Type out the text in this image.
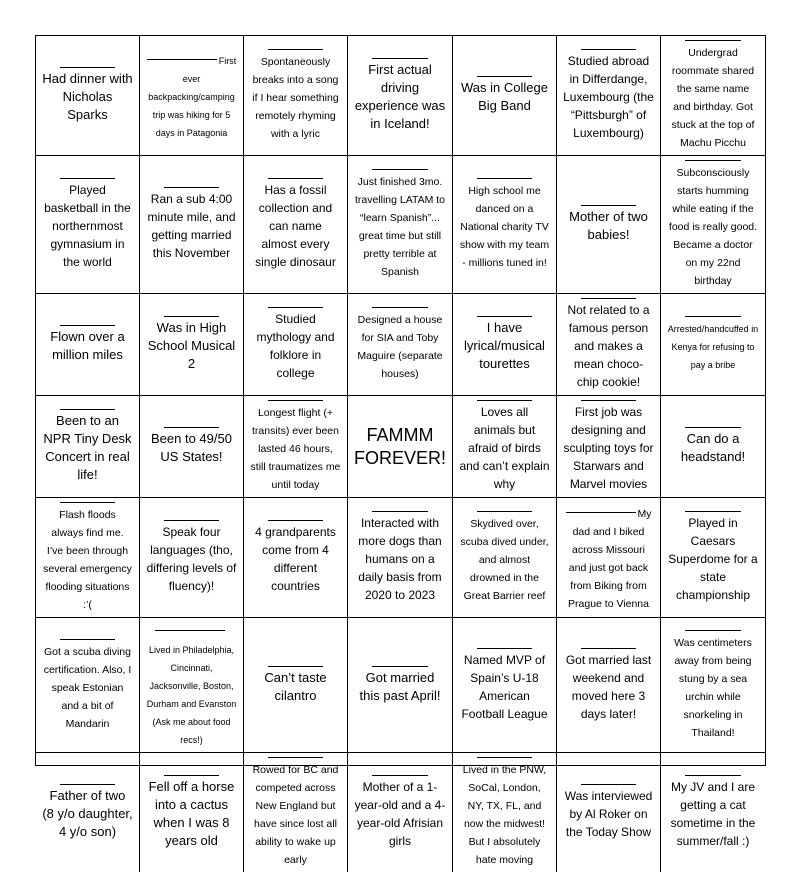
Had dinner with Nicholas Sparks
First ever backpacking/camping trip was hiking for 5 days in Patagonia
Spontaneously breaks into a song if I hear something remotely rhyming with a lyric
First actual driving experience was in Iceland!
Was in College Big Band
Studied abroad in Differdange, Luxembourg (the “Pittsburgh” of Luxembourg)
Undergrad roommate shared the same name and birthday. Got stuck at the top of Machu Picchu
Played basketball in the northernmost gymnasium in the world
Ran a sub 4:00 minute mile, and getting married this November
Has a fossil collection and can name almost every single dinosaur
Just finished 3mo. travelling LATAM to “learn Spanish”... great time but still pretty terrible at Spanish
High school me danced on a National charity TV show with my team - millions tuned in!
Mother of two babies!
Subconsciously starts humming while eating if the food is really good. Became a doctor on my 22nd birthday
Flown over a million miles
Was in High School Musical 2
Studied mythology and folklore in college
Designed a house for SIA and Toby Maguire (separate houses)
I have lyrical/musical tourettes
Not related to a famous person and makes a mean choco-chip cookie!
Arrested/handcuffed in Kenya for refusing to pay a bribe
Been to an NPR Tiny Desk Concert in real life!
Been to 49/50 US States!
Longest flight (+ transits) ever been lasted 46 hours, still traumatizes me until today
FAMMM FOREVER!
Loves all animals but afraid of birds and can’t explain why
First job was designing and sculpting toys for Starwars and Marvel movies
Can do a headstand!
Flash floods always find me. I’ve been through several emergency flooding situations :’(
Speak four languages (tho, differing levels of fluency)!
4 grandparents come from 4 different countries
Interacted with more dogs than humans on a daily basis from 2020 to 2023
Skydived over, scuba dived under, and almost drowned in the Great Barrier reef
My dad and I biked across Missouri and just got back from Biking from Prague to Vienna
Played in Caesars Superdome for a state championship
Got a scuba diving certification. Also, I speak Estonian and a bit of Mandarin
Lived in Philadelphia, Cincinnati, Jacksonville, Boston, Durham and Evanston (Ask me about food recs!)
Can’t taste cilantro
Got married this past April!
Named MVP of Spain’s U-18 American Football League
Got married last weekend and moved here 3 days later!
Was centimeters away from being stung by a sea urchin while snorkeling in Thailand!
Father of two (8 y/o daughter, 4 y/o son)
Fell off a horse into a cactus when I was 8 years old
Rowed for BC and competed across New England but have since lost all ability to wake up early
Mother of a 1-year-old and a 4-year-old Afrisian girls
Lived in the PNW, SoCal, London, NY, TX, FL, and now the midwest! But I absolutely hate moving
Was interviewed by Al Roker on the Today Show
My JV and I are getting a cat sometime in the summer/fall :)
